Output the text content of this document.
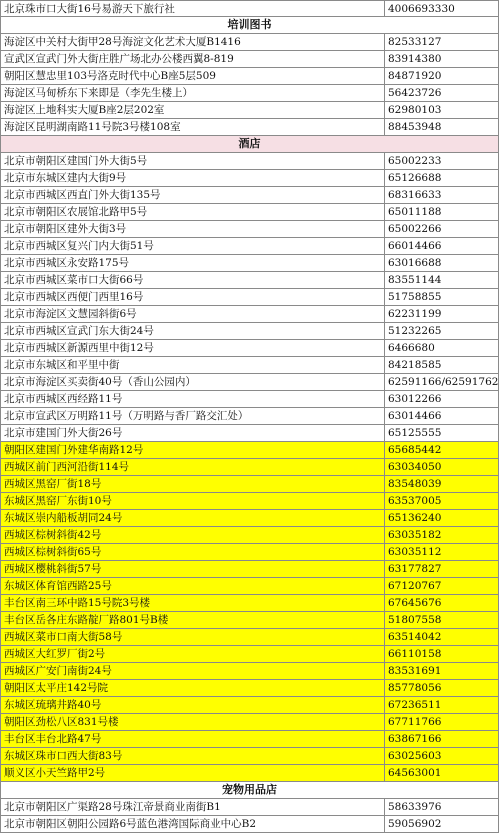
北京珠市口大街16号易游天下旅行社	4006693330
培训图书
海淀区中关村大街甲28号海淀文化艺术大厦B1416	82533127
宣武区宣武门外大街庄胜广场北办公楼西翼8-819	83914380
朝阳区慧忠里103号洛克时代中心B座5层509	84871920
海淀区马甸桥东下来即是（李先生楼上）	56423726
海淀区上地科实大厦B座2层202室	62980103
海淀区昆明湖南路11号院3号楼108室	88453948
酒店
北京市朝阳区建国门外大街5号	65002233
北京市东城区建内大街9号	65126688
北京市西城区西直门外大街135号	68316633
北京市朝阳区农展馆北路甲5号	65011188
北京市朝阳区建外大街3号	65002266
北京市西城区复兴门内大街51号	66014466
北京市西城区永安路175号	63016688
北京市西城区菜市口大街66号	83551144
北京市西城区西便门西里16号	51758855
北京市海淀区文慧园斜街6号	62231199
北京市西城区宣武门东大街24号	51232265
北京市西城区新源西里中街12号	6466680
北京市东城区和平里中街	84218585
北京市海淀区买卖街40号（香山公园内）	62591166/62591762
北京市西城区西经路11号	63012266
北京市宣武区万明路11号（万明路与香厂路交汇处）	63014466
北京市建国门外大街26号	65125555
朝阳区建国门外建华南路12号	65685442
西城区前门西河沿街114号	63034050
西城区黑窑厂街18号	83548039
东城区黑窑厂东街10号	63537005
东城区崇内船板胡同24号	65136240
西城区棕树斜街42号	63035182
西城区棕树斜街65号	63035112
西城区樱桃斜街57号	63177827
东城区体育馆西路25号	67120767
丰台区南三环中路15号院3号楼	67645676
丰台区岳各庄东路靛厂路801号B楼	51807558
西城区菜市口南大街58号	63514042
西城区大红罗厂街2号	66110158
西城区广安门南街24号	83531691
朝阳区太平庄142号院	85778056
东城区琉璃井路40号	67236511
朝阳区劲松八区831号楼	67711766
丰台区丰台北路47号	63867166
东城区珠市口西大街83号	63025603
顺义区小天竺路甲2号	64563001
宠物用品店
北京市朝阳区广渠路28号珠江帝景商业南街B1	58633976
北京市朝阳区朝阳公园路6号蓝色港湾国际商业中心B2	59056902
